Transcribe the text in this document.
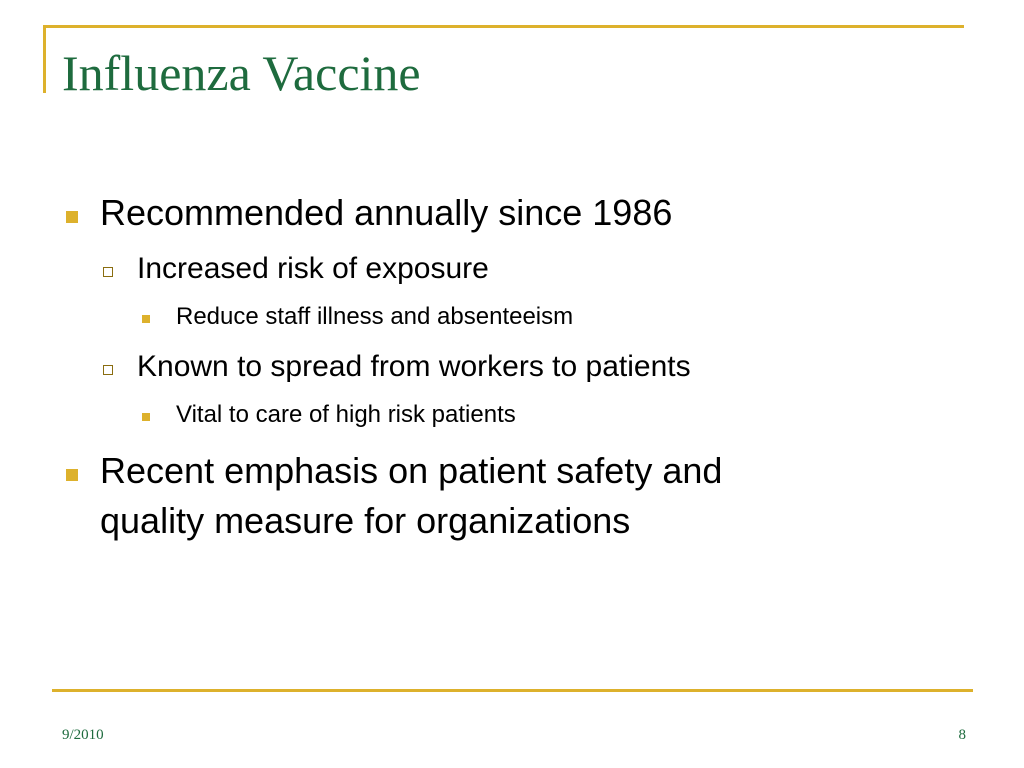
Influenza Vaccine
Recommended annually since 1986
Increased risk of exposure
Reduce staff illness and absenteeism
Known to spread from workers to patients
Vital to care of high risk patients
Recent emphasis on patient safety and
quality measure for organizations
9/2010	8
